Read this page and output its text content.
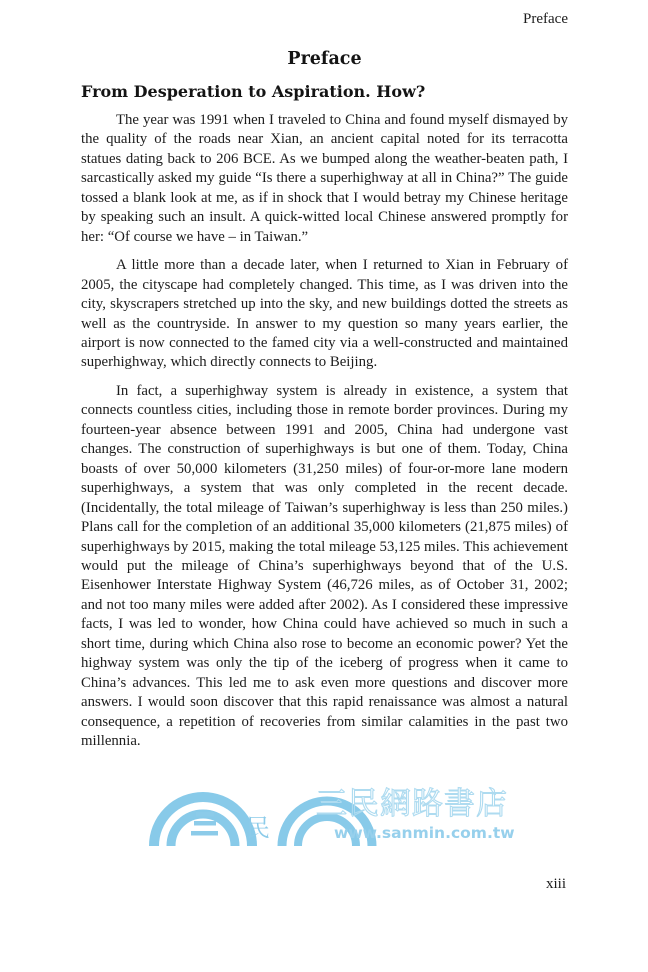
民
三民網路書店
www.sanmin.com.tw
Preface
Preface
From Desperation to Aspiration. How?

The year was 1991 when I traveled to China and found myself dismayed by the quality of the roads near Xian, an ancient capital noted for its terracotta statues dating back to 206 BCE. As we bumped along the weather-beaten path, I sarcastically asked my guide “Is there a superhighway at all in China?” The guide tossed a blank look at me, as if in shock that I would betray my Chinese heritage by speaking such an insult. A quick-witted local Chinese answered promptly for her: “Of course we have – in Taiwan.”

A little more than a decade later, when I returned to Xian in February of 2005, the cityscape had completely changed. This time, as I was driven into the city, skyscrapers stretched up into the sky, and new buildings dotted the streets as well as the countryside. In answer to my question so many years earlier, the airport is now connected to the famed city via a well-constructed and maintained superhighway, which directly connects to Beijing.

In fact, a superhighway system is already in existence, a system that connects countless cities, including those in remote border provinces. During my fourteen-year absence between 1991 and 2005, China had undergone vast changes. The construction of superhighways is but one of them. Today, China boasts of over 50,000 kilometers (31,250 miles) of four-or-more lane modern superhighways, a system that was only completed in the recent decade. (Incidentally, the total mileage of Taiwan’s superhighway is less than 250 miles.) Plans call for the completion of an additional 35,000 kilometers (21,875 miles) of superhighways by 2015, making the total mileage 53,125 miles. This achievement would put the mileage of China’s superhighways beyond that of the U.S. Eisenhower Interstate Highway System (46,726 miles, as of October 31, 2002; and not too many miles were added after 2002). As I considered these impressive facts, I was led to wonder, how China could have achieved so much in such a short time, during which China also rose to become an economic power? Yet the highway system was only the tip of the iceberg of progress when it came to China’s advances. This led me to ask even more questions and discover more answers. I would soon discover that this rapid renaissance was almost a natural consequence, a repetition of recoveries from similar calamities in the past two millennia.

xiii
